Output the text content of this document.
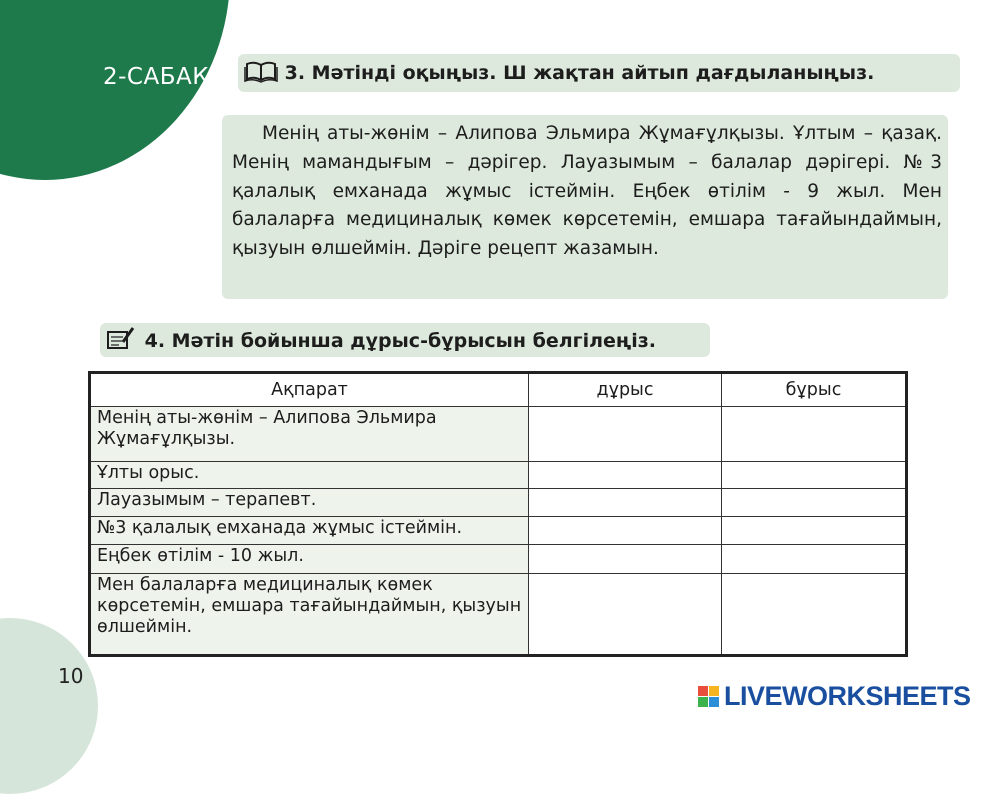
2-САБАҚ	3. Мәтінді оқыңыз. Ш жақтан айтып дағдыланыңыз.
Менің аты-жөнім – Алипова Эльмира Жұмағұлқызы. Ұлтым – қазақ. Менің мамандығым – дәрігер. Лауазымым – балалар дәрігері. №3 қалалық емханада жұмыс істеймін. Еңбек өтілім - 9 жыл. Мен балаларға медициналық көмек көрсетемін, емшара тағайындаймын, қызуын өлшеймін. Дәріге рецепт жазамын.
4. Мәтін бойынша дұрыс-бұрысын белгілеңіз.
Ақпарат	дұрыс	бұрыс
Менің аты-жөнім – Алипова Эльмира Жұмағұлқызы.		
Ұлты орыс.		
Лауазымым – терапевт.		
№3 қалалық емханада жұмыс істеймін.		
Еңбек өтілім - 10 жыл.		
Мен балаларға медициналық көмек көрсетемін, емшара тағайындаймын, қызуын өлшеймін.		
10
LIVEWORKSHEETS
